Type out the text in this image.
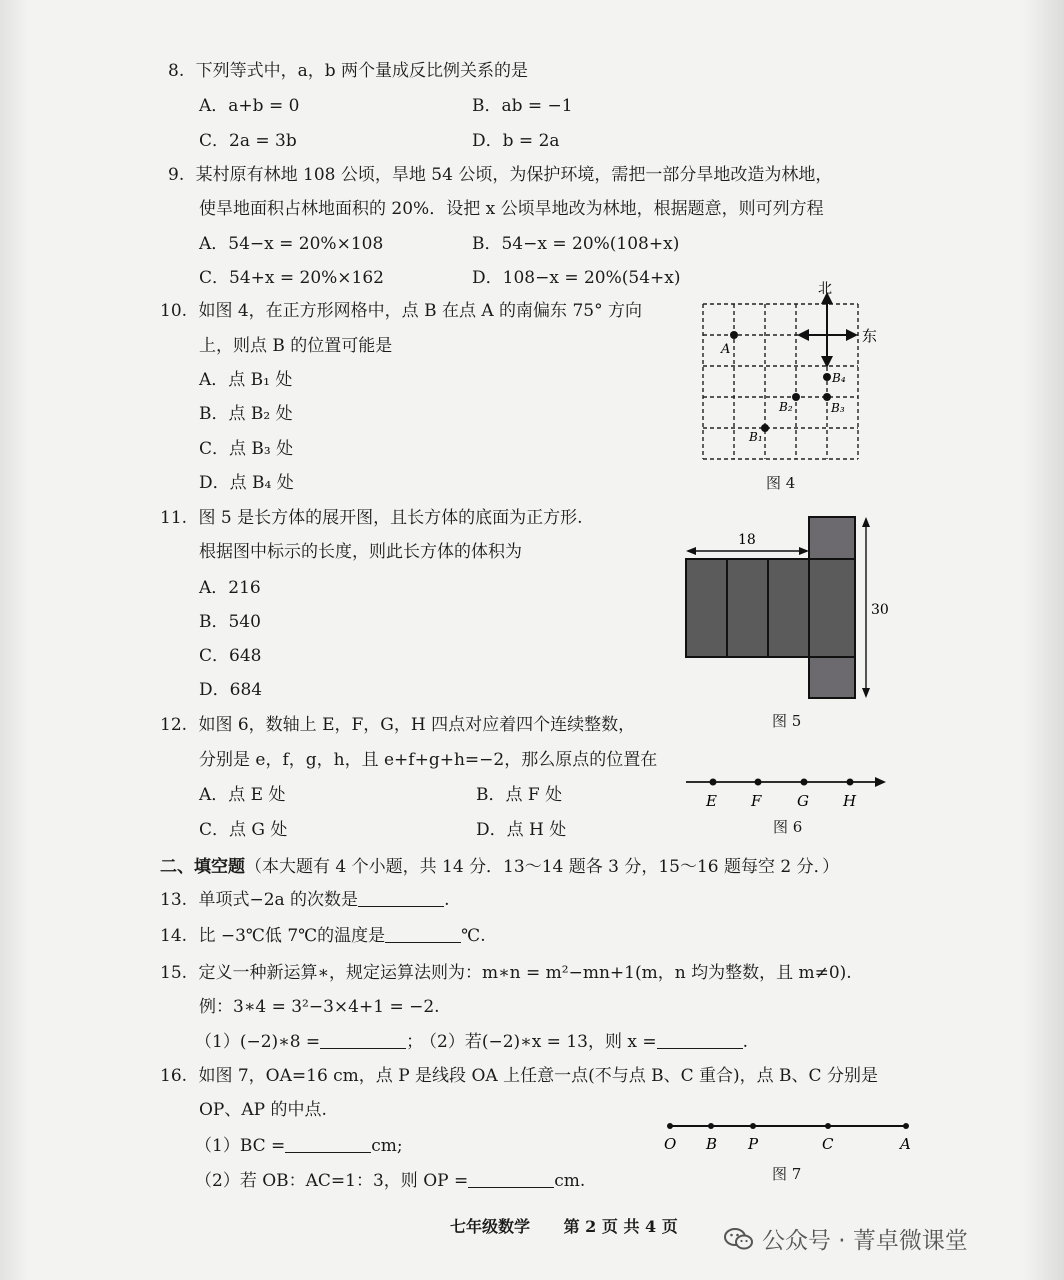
8. 下列等式中，a，b 两个量成反比例关系的是
A．a+b = 0	B．ab = −1
C．2a = 3b	D．b = 2a
9. 某村原有林地 108 公顷，旱地 54 公顷，为保护环境，需把一部分旱地改造为林地，
使旱地面积占林地面积的 20%．设把 x 公顷旱地改为林地，根据题意，则可列方程
A．54−x = 20%×108	B．54−x = 20%(108+x)
C．54+x = 20%×162	D．108−x = 20%(54+x)
10. 如图 4，在正方形网格中，点 B 在点 A 的南偏东 75° 方向
上，则点 B 的位置可能是
A．点 B₁ 处
B．点 B₂ 处
C．点 B₃ 处
D．点 B₄ 处
北
东
A
B₄
B₂	B₃
B₁
图 4
11. 图 5 是长方体的展开图，且长方体的底面为正方形.
根据图中标示的长度，则此长方体的体积为
A．216
B．540
C．648
D．684
18
30
图 5
12. 如图 6，数轴上 E，F，G，H 四点对应着四个连续整数，
分别是 e，f，g，h，且 e+f+g+h=−2，那么原点的位置在
A．点 E 处	B．点 F 处
C．点 G 处	D．点 H 处
E F G H
图 6
二、填空题（本大题有 4 个小题，共 14 分．13～14 题各 3 分，15～16 题每空 2 分．）
13. 单项式−2a 的次数是	.
14. 比 −3℃低 7℃的温度是	℃.
15. 定义一种新运算∗，规定运算法则为：m∗n = m²−mn+1(m，n 均为整数，且 m≠0).
例：3∗4 = 3²−3×4+1 = −2.
（1）(−2)∗8 =	；
（2）若(−2)∗x = 13，则 x =	.
16. 如图 7，OA=16 cm，点 P 是线段 OA 上任意一点(不与点 B、C 重合)，点 B、C 分别是
OP、AP 的中点.
（1）BC =	cm;
（2）若 OB：AC=1：3，则 OP =	cm.
O B P	C	A
图 7
七年级数学 第 2 页 共 4 页
公众号 · 菁卓微课堂
